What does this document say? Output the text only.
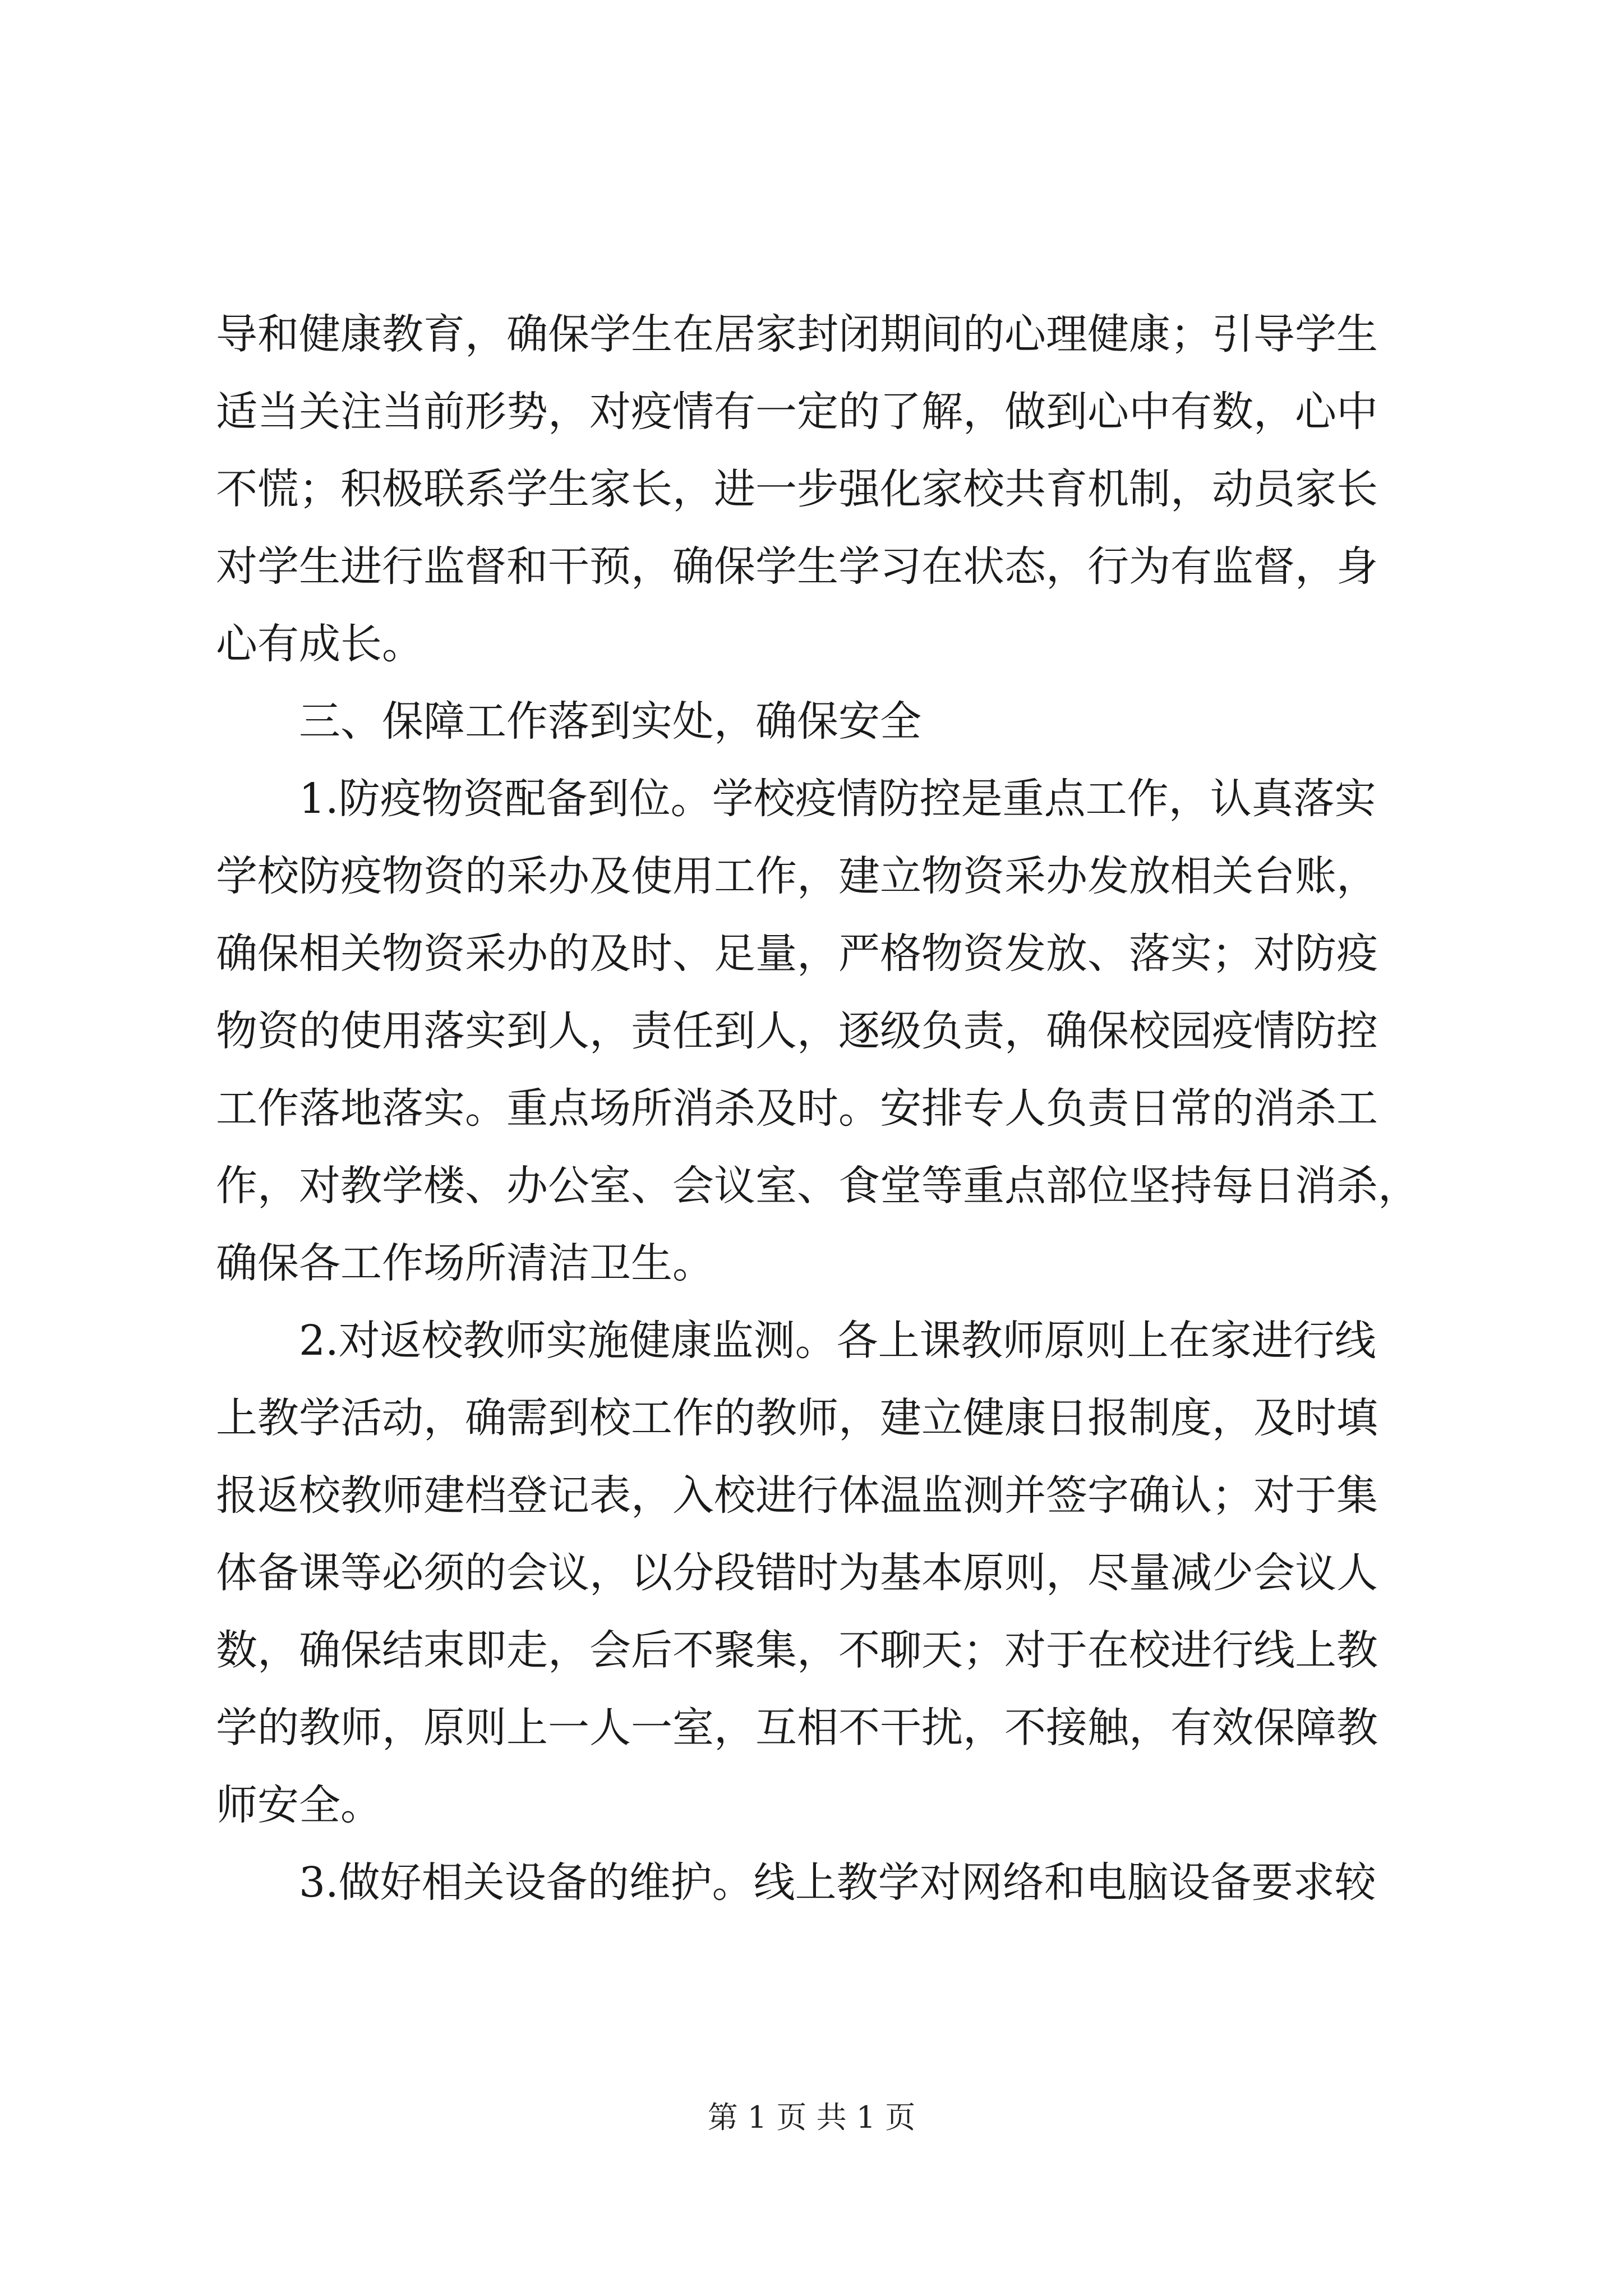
导和健康教育，确保学生在居家封闭期间的心理健康；引导学生
适当关注当前形势，对疫情有一定的了解，做到心中有数，心中
不慌；积极联系学生家长，进一步强化家校共育机制，动员家长
对学生进行监督和干预，确保学生学习在状态，行为有监督，身
心有成长。
三、保障工作落到实处，确保安全
1.防疫物资配备到位。学校疫情防控是重点工作，认真落实
学校防疫物资的采办及使用工作，建立物资采办发放相关台账，
确保相关物资采办的及时、足量，严格物资发放、落实；对防疫
物资的使用落实到人，责任到人，逐级负责，确保校园疫情防控
工作落地落实。重点场所消杀及时。安排专人负责日常的消杀工
作，对教学楼、办公室、会议室、食堂等重点部位坚持每日消杀，
确保各工作场所清洁卫生。
2.对返校教师实施健康监测。各上课教师原则上在家进行线
上教学活动，确需到校工作的教师，建立健康日报制度，及时填
报返校教师建档登记表，入校进行体温监测并签字确认；对于集
体备课等必须的会议，以分段错时为基本原则，尽量减少会议人
数，确保结束即走，会后不聚集，不聊天；对于在校进行线上教
学的教师，原则上一人一室，互相不干扰，不接触，有效保障教
师安全。
3.做好相关设备的维护。线上教学对网络和电脑设备要求较
第 1 页 共 1 页
